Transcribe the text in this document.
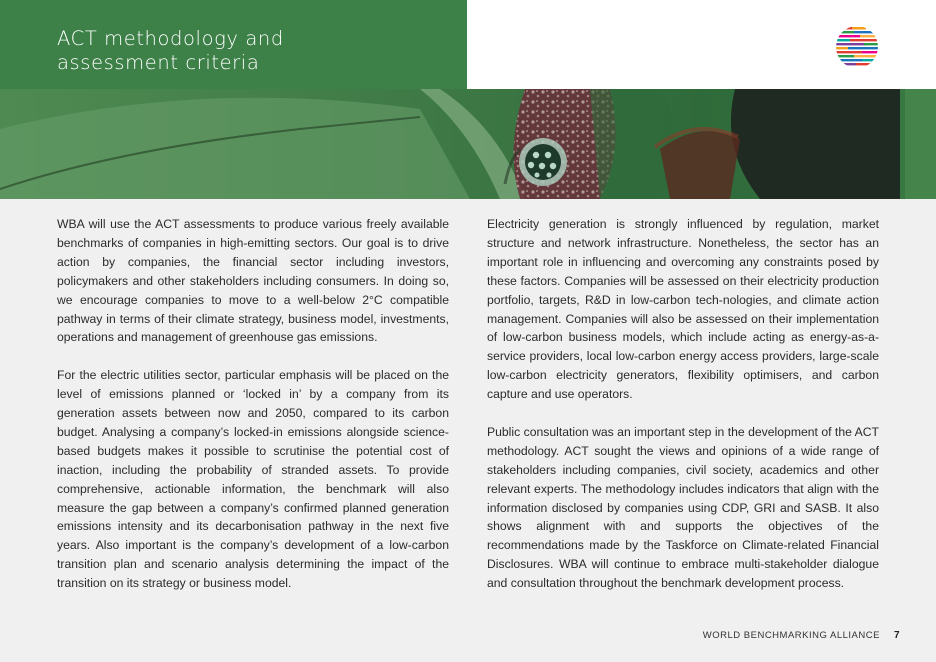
ACT methodology and
assessment criteria

WBA will use the ACT assessments to produce various freely available benchmarks of companies in high-emitting sectors. Our goal is to drive action by companies, the financial sector including investors, policymakers and other stakeholders including consumers. In doing so, we encourage companies to move to a well-below 2°C compatible pathway in terms of their climate strategy, business model, investments, operations and management of greenhouse gas emissions.

For the electric utilities sector, particular emphasis will be placed on the level of emissions planned or ‘locked in’ by a company from its generation assets between now and 2050, compared to its carbon budget. Analysing a company’s locked-in emissions alongside science-based budgets makes it possible to scrutinise the potential cost of inaction, including the probability of stranded assets. To provide comprehensive, actionable information, the benchmark will also measure the gap between a company’s confirmed planned generation emissions intensity and its decarbonisation pathway in the next five years. Also important is the company’s development of a low-carbon transition plan and scenario analysis determining the impact of the transition on its strategy or business model.

Electricity generation is strongly influenced by regulation, market structure and network infrastructure. Nonetheless, the sector has an important role in influencing and overcoming any constraints posed by these factors. Companies will be assessed on their electricity production portfolio, targets, R&D in low-carbon tech-nologies, and climate action management. Companies will also be assessed on their implementation of low-carbon business models, which include acting as energy-as-a-service providers, local low-carbon energy access providers, large-scale low-carbon electricity generators, flexibility optimisers, and carbon capture and use operators.

Public consultation was an important step in the development of the ACT methodology. ACT sought the views and opinions of a wide range of stakeholders including companies, civil society, academics and other relevant experts. The methodology includes indicators that align with the information disclosed by companies using CDP, GRI and SASB. It also shows alignment with and supports the objectives of the recommendations made by the Taskforce on Climate-related Financial Disclosures. WBA will continue to embrace multi-stakeholder dialogue and consultation throughout the benchmark development process.

WORLD BENCHMARKING ALLIANCE 7
